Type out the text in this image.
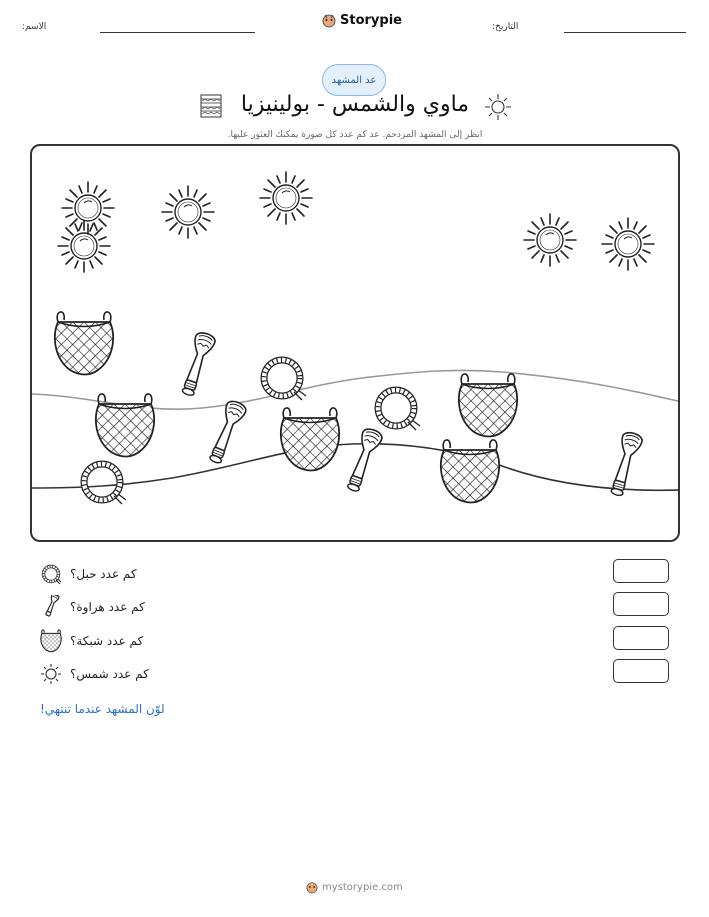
الاسم:	Storypie	التاريخ:
عد المشهد
ماوي والشمس - بولينيزيا
انظر إلى المشهد المزدحم. عد كم عدد كل صورة يمكنك العثور عليها.
كم عدد حبل؟
كم عدد هراوة؟
كم عدد شبكة؟
كم عدد شمس؟
لوّن المشهد عندما تنتهي!
mystorypie.com
